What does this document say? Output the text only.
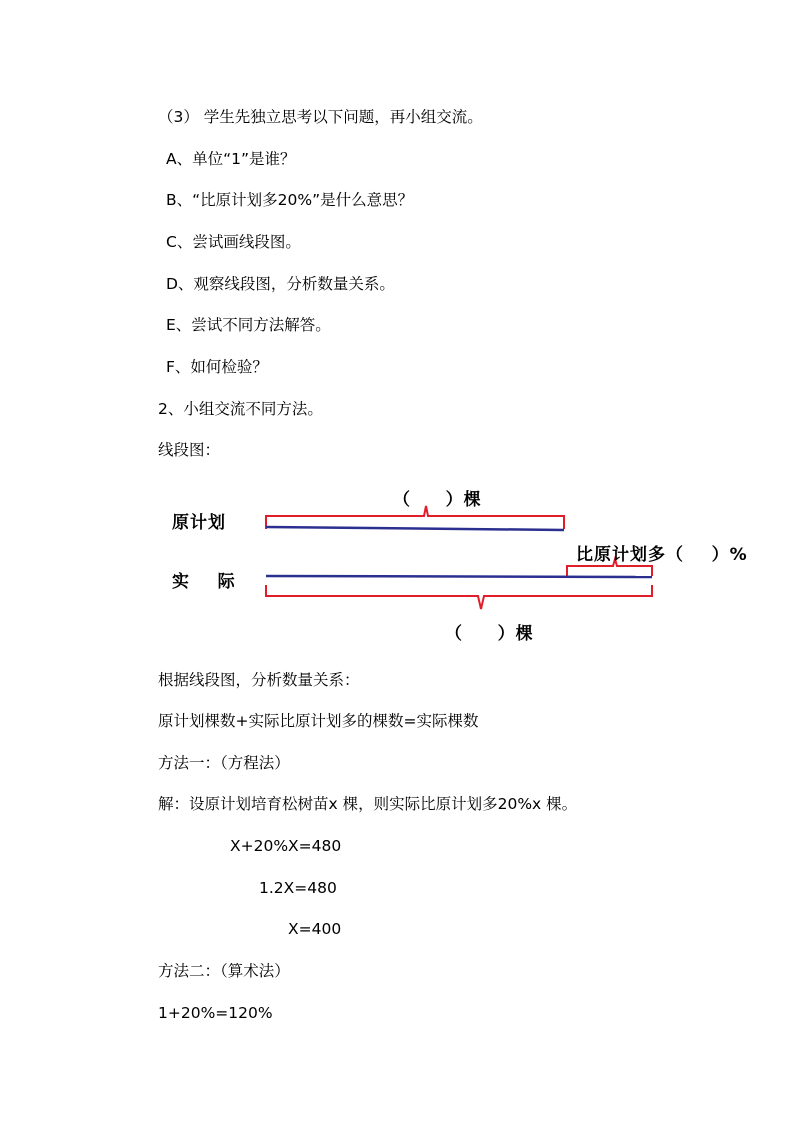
（3） 学生先独立思考以下问题，再小组交流。
A、单位“1”是谁？
B、“比原计划多20%”是什么意思？
C、尝试画线段图。
D、观察线段图，分析数量关系。
E、尝试不同方法解答。
F、如何检验？
2、小组交流不同方法。
线段图：
（     ）棵
原计划
比原计划多（    ）%
实    际
（     ）棵
根据线段图，分析数量关系：
原计划棵数+实际比原计划多的棵数=实际棵数
方法一：（方程法）
解：设原计划培育松树苗x 棵，则实际比原计划多20%x 棵。
X+20%X=480
1.2X=480
X=400
方法二：（算术法）
1+20%=120%
